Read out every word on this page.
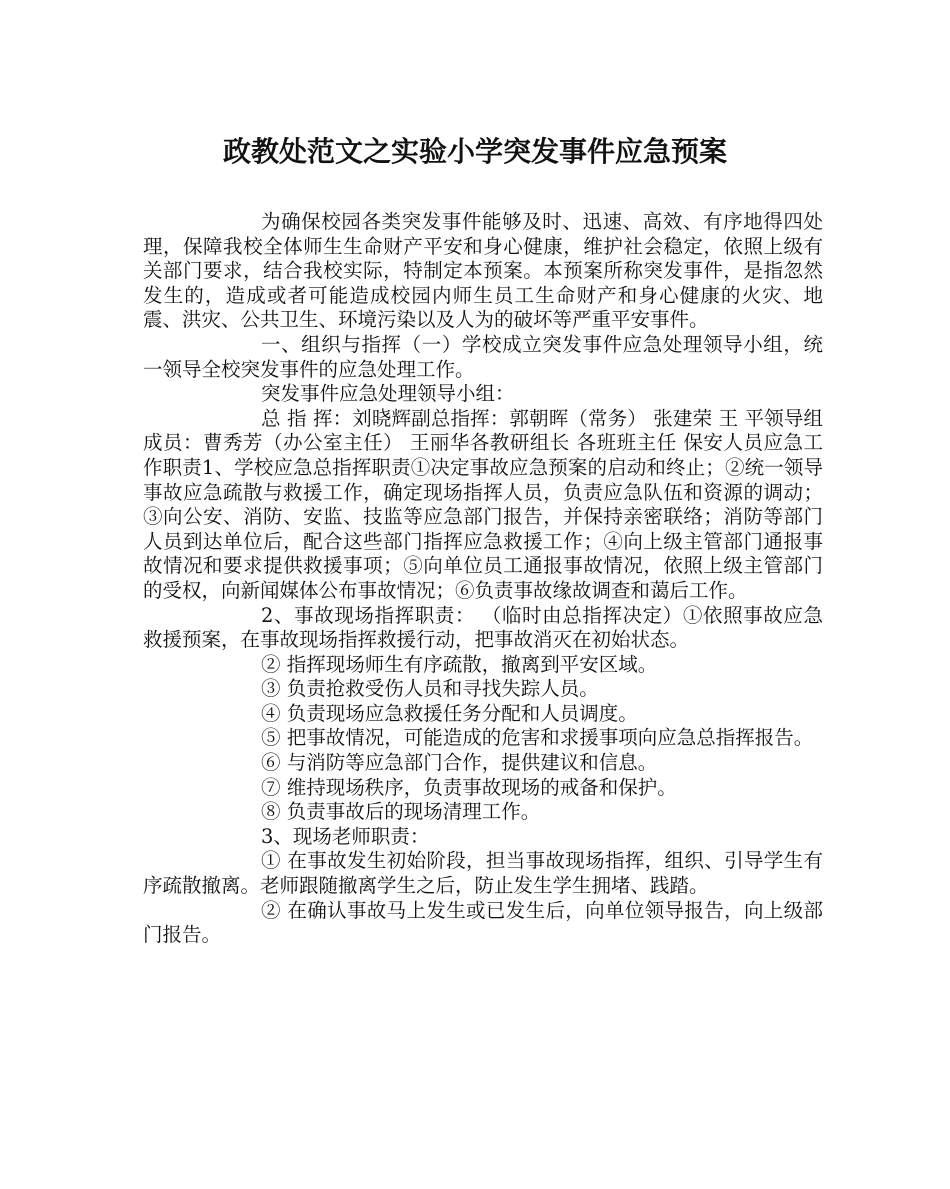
政教处范文之实验小学突发事件应急预案

为确保校园各类突发事件能够及时、迅速、高效、有序地得四处理，保障我校全体师生生命财产平安和身心健康，维护社会稳定，依照上级有关部门要求，结合我校实际，特制定本预案。本预案所称突发事件，是指忽然发生的，造成或者可能造成校园内师生员工生命财产和身心健康的火灾、地震、洪灾、公共卫生、环境污染以及人为的破坏等严重平安事件。

一、组织与指挥（一）学校成立突发事件应急处理领导小组，统一领导全校突发事件的应急处理工作。

突发事件应急处理领导小组：

总 指 挥：刘晓辉副总指挥：郭朝晖（常务） 张建荣 王 平领导组成员：曹秀芳（办公室主任） 王丽华各教研组长 各班班主任 保安人员应急工作职责1、学校应急总指挥职责①决定事故应急预案的启动和终止；②统一领导事故应急疏散与救援工作，确定现场指挥人员，负责应急队伍和资源的调动；③向公安、消防、安监、技监等应急部门报告，并保持亲密联络；消防等部门人员到达单位后，配合这些部门指挥应急救援工作；④向上级主管部门通报事故情况和要求提供救援事项；⑤向单位员工通报事故情况，依照上级主管部门的受权，向新闻媒体公布事故情况；⑥负责事故缘故调查和蔼后工作。

2、事故现场指挥职责： （临时由总指挥决定）①依照事故应急救援预案，在事故现场指挥救援行动，把事故消灭在初始状态。

② 指挥现场师生有序疏散，撤离到平安区域。

③ 负责抢救受伤人员和寻找失踪人员。

④ 负责现场应急救援任务分配和人员调度。

⑤ 把事故情况，可能造成的危害和求援事项向应急总指挥报告。

⑥ 与消防等应急部门合作，提供建议和信息。

⑦ 维持现场秩序，负责事故现场的戒备和保护。

⑧ 负责事故后的现场清理工作。

3、现场老师职责：

① 在事故发生初始阶段，担当事故现场指挥，组织、引导学生有序疏散撤离。老师跟随撤离学生之后，防止发生学生拥堵、践踏。

② 在确认事故马上发生或已发生后，向单位领导报告，向上级部门报告。
